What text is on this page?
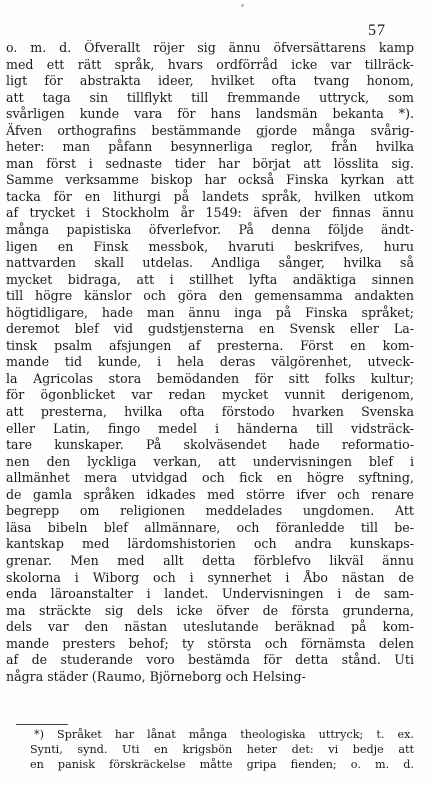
57
o. m. d. Öfverallt röjer sig ännu öfversättarens kamp
med ett rätt språk, hvars ordförråd icke var tillräck-
ligt för abstrakta ideer, hvilket ofta tvang honom,
att taga sin tillflykt till fremmande uttryck, som
svårligen kunde vara för hans landsmän bekanta *).
Äfven orthografins bestämmande gjorde många svårig-
heter: man påfann besynnerliga reglor, från hvilka
man först i sednaste tider har börjat att lösslita sig.
Samme verksamme biskop har också Finska kyrkan att
tacka för en lithurgi på landets språk, hvilken utkom
af trycket i Stockholm år 1549: äfven der finnas ännu
många papistiska öfverlefvor. På denna följde ändt-
ligen en Finsk messbok, hvaruti beskrifves, huru
nattvarden skall utdelas. Andliga sånger, hvilka så
mycket bidraga, att i stillhet lyfta andäktiga sinnen
till högre känslor och göra den gemensamma andakten
högtidligare, hade man ännu inga på Finska språket;
deremot blef vid gudstjensterna en Svensk eller La-
tinsk psalm afsjungen af presterna. Först en kom-
mande tid kunde, i hela deras välgörenhet, utveck-
la Agricolas stora bemödanden för sitt folks kultur;
för ögonblicket var redan mycket vunnit derigenom,
att presterna, hvilka ofta förstodo hvarken Svenska
eller Latin, fingo medel i händerna till vidsträck-
tare kunskaper. På skolväsendet hade reformatio-
nen den lyckliga verkan, att undervisningen blef i
allmänhet mera utvidgad och fick en högre syftning,
de gamla språken idkades med större ifver och renare
begrepp om religionen meddelades ungdomen. Att
läsa bibeln blef allmännare, och föranledde till be-
kantskap med lärdomshistorien och andra kunskaps-
grenar. Men med allt detta förblefvo likväl ännu
skolorna i Wiborg och i synnerhet i Åbo nästan de
enda läroanstalter i landet. Undervisningen i de sam-
ma sträckte sig dels icke öfver de första grunderna,
dels var den nästan uteslutande beräknad på kom-
mande presters behof; ty största och förnämsta delen
af de studerande voro bestämda för detta stånd. Uti
några städer (Raumo, Björneborg och Helsing-
*) Språket har lånat många theologiska uttryck; t. ex.
Synti, synd. Uti en krigsbön heter det: vi bedje att
en panisk förskräckelse måtte gripa fienden; o. m. d.
